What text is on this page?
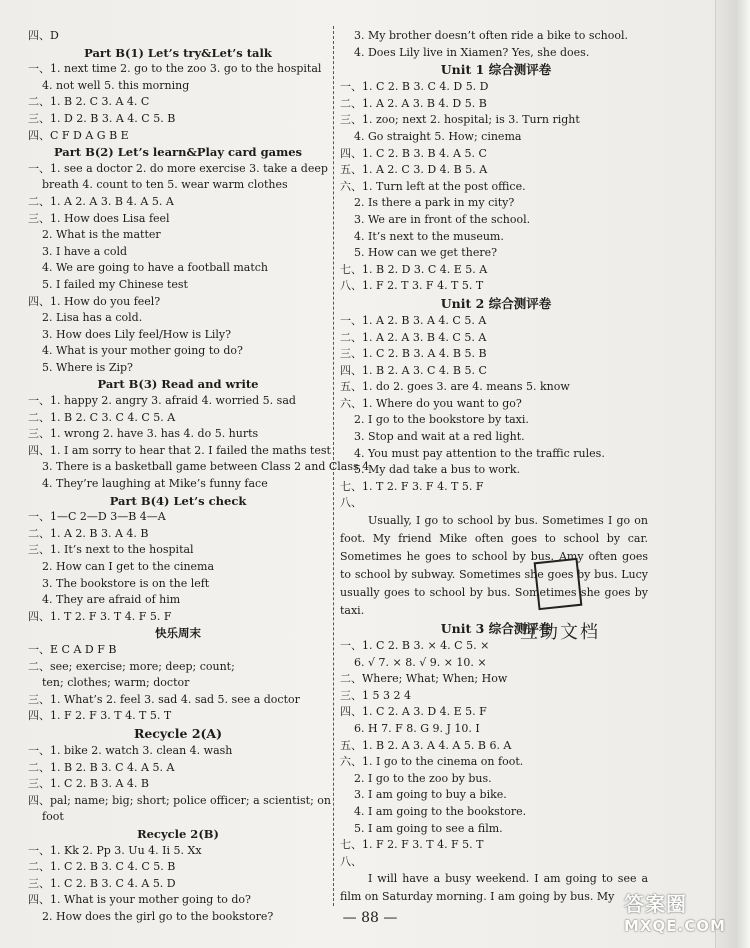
四、D
Part B(1) Let’s try&Let’s talk
一、1. next time 2. go to the zoo 3. go to the hospital
4. not well 5. this morning
二、1. B 2. C 3. A 4. C
三、1. D 2. B 3. A 4. C 5. B
四、C F D A G B E
Part B(2) Let’s learn&Play card games
一、1. see a doctor 2. do more exercise 3. take a deep
breath 4. count to ten 5. wear warm clothes
二、1. A 2. A 3. B 4. A 5. A
三、1. How does Lisa feel
2. What is the matter
3. I have a cold
4. We are going to have a football match
5. I failed my Chinese test
四、1. How do you feel?
2. Lisa has a cold.
3. How does Lily feel/How is Lily?
4. What is your mother going to do?
5. Where is Zip?
Part B(3) Read and write
一、1. happy 2. angry 3. afraid 4. worried 5. sad
二、1. B 2. C 3. C 4. C 5. A
三、1. wrong 2. have 3. has 4. do 5. hurts
四、1. I am sorry to hear that 2. I failed the maths test
3. There is a basketball game between Class 2 and Class 4
4. They’re laughing at Mike’s funny face
Part B(4) Let’s check
一、1—C 2—D 3—B 4—A
二、1. A 2. B 3. A 4. B
三、1. It’s next to the hospital
2. How can I get to the cinema
3. The bookstore is on the left
4. They are afraid of him
四、1. T 2. F 3. T 4. F 5. F
快乐周末
一、E C A D F B
二、see; exercise; more; deep; count;
ten; clothes; warm; doctor
三、1. What’s 2. feel 3. sad 4. sad 5. see a doctor
四、1. F 2. F 3. T 4. T 5. T
Recycle 2(A)
一、1. bike 2. watch 3. clean 4. wash
二、1. B 2. B 3. C 4. A 5. A
三、1. C 2. B 3. A 4. B
四、pal; name; big; short; police officer; a scientist; on
foot
Recycle 2(B)
一、1. Kk 2. Pp 3. Uu 4. Ii 5. Xx
二、1. C 2. B 3. C 4. C 5. B
三、1. C 2. B 3. C 4. A 5. D
四、1. What is your mother going to do?
2. How does the girl go to the bookstore?
3. My brother doesn’t often ride a bike to school.
4. Does Lily live in Xiamen? Yes, she does.
Unit 1 综合测评卷
一、1. C 2. B 3. C 4. D 5. D
二、1. A 2. A 3. B 4. D 5. B
三、1. zoo; next 2. hospital; is 3. Turn right
4. Go straight 5. How; cinema
四、1. C 2. B 3. B 4. A 5. C
五、1. A 2. C 3. D 4. B 5. A
六、1. Turn left at the post office.
2. Is there a park in my city?
3. We are in front of the school.
4. It’s next to the museum.
5. How can we get there?
七、1. B 2. D 3. C 4. E 5. A
八、1. F 2. T 3. F 4. T 5. T
Unit 2 综合测评卷
一、1. A 2. B 3. A 4. C 5. A
二、1. A 2. A 3. B 4. C 5. A
三、1. C 2. B 3. A 4. B 5. B
四、1. B 2. A 3. C 4. B 5. C
五、1. do 2. goes 3. are 4. means 5. know
六、1. Where do you want to go?
2. I go to the bookstore by taxi.
3. Stop and wait at a red light.
4. You must pay attention to the traffic rules.
5. My dad take a bus to work.
七、1. T 2. F 3. F 4. T 5. F
八、
Usually, I go to school by bus. Sometimes I go on foot. My friend Mike often goes to school by car. Sometimes he goes to school by bus. Amy often goes to school by subway. Sometimes she goes by bus. Lucy usually goes to school by bus. Sometimes she goes by taxi.
Unit 3 综合测评卷
一、1. C 2. B 3. × 4. C 5. ×
6. √ 7. × 8. √ 9. × 10. ×
二、Where; What; When; How
三、1 5 3 2 4
四、1. C 2. A 3. D 4. E 5. F
6. H 7. F 8. G 9. J 10. I
五、1. B 2. A 3. A 4. A 5. B 6. A
六、1. I go to the cinema on foot.
2. I go to the zoo by bus.
3. I am going to buy a bike.
4. I am going to the bookstore.
5. I am going to see a film.
七、1. F 2. F 3. T 4. F 5. T
八、
I will have a busy weekend. I am going to see a film on Saturday morning. I am going by bus. My
互助文档
— 88 —
答案圈
MXQE.COM
